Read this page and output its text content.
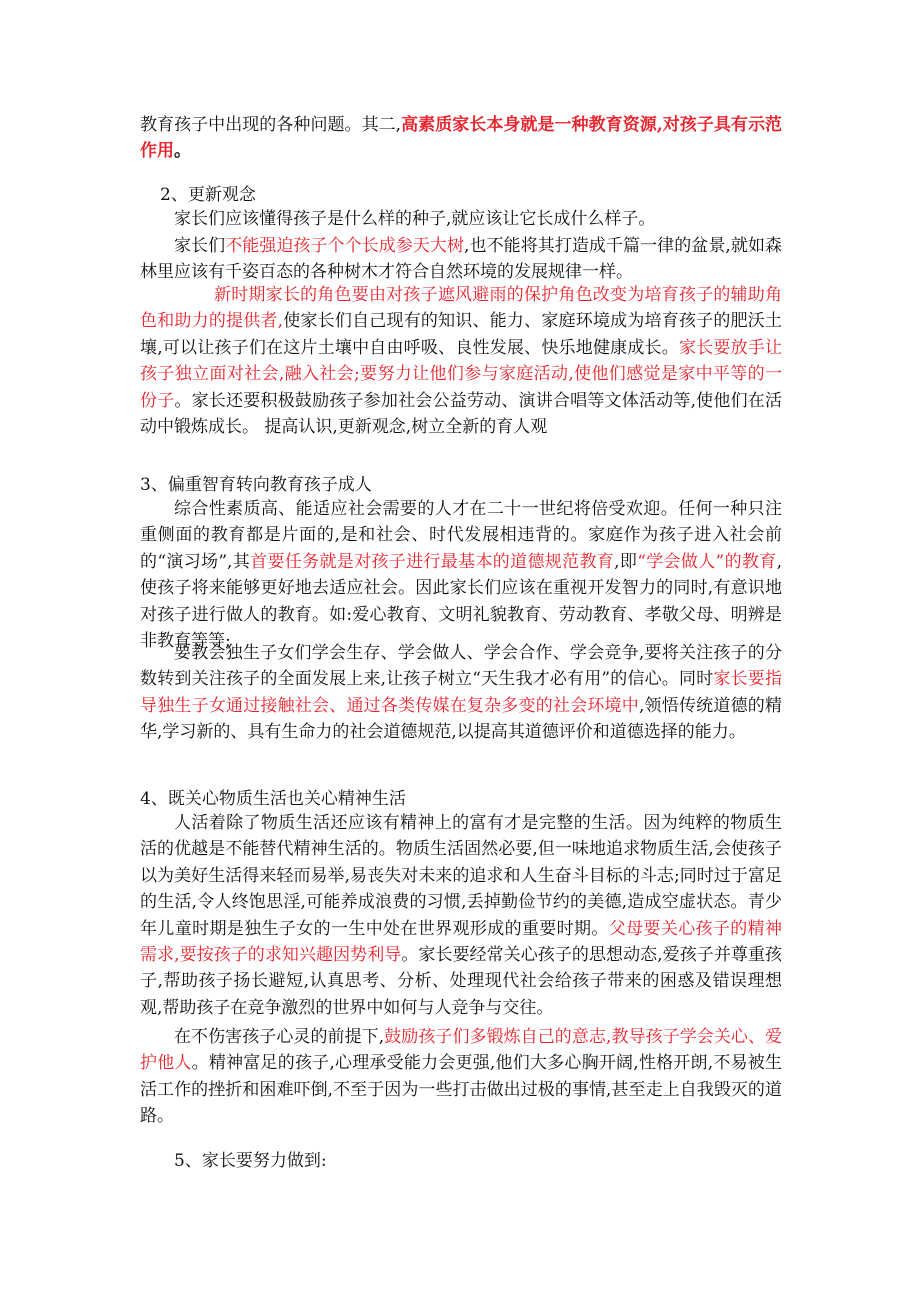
教育孩子中出现的各种问题。其二,高素质家长本身就是一种教育资源,对孩子具有示范作用。

2、更新观念

家长们应该懂得孩子是什么样的种子,就应该让它长成什么样子。

家长们不能强迫孩子个个长成参天大树,也不能将其打造成千篇一律的盆景,就如森林里应该有千姿百态的各种树木才符合自然环境的发展规律一样。

新时期家长的角色要由对孩子遮风避雨的保护角色改变为培育孩子的辅助角色和助力的提供者,使家长们自己现有的知识、能力、家庭环境成为培育孩子的肥沃土壤,可以让孩子们在这片土壤中自由呼吸、良性发展、快乐地健康成长。家长要放手让孩子独立面对社会,融入社会;要努力让他们参与家庭活动,使他们感觉是家中平等的一份子。家长还要积极鼓励孩子参加社会公益劳动、演讲合唱等文体活动等,使他们在活动中锻炼成长。 提高认识,更新观念,树立全新的育人观

3、偏重智育转向教育孩子成人

综合性素质高、能适应社会需要的人才在二十一世纪将倍受欢迎。任何一种只注重侧面的教育都是片面的,是和社会、时代发展相违背的。家庭作为孩子进入社会前的“演习场”,其首要任务就是对孩子进行最基本的道德规范教育,即“学会做人”的教育,使孩子将来能够更好地去适应社会。因此家长们应该在重视开发智力的同时,有意识地对孩子进行做人的教育。如:爱心教育、文明礼貌教育、劳动教育、孝敬父母、明辨是非教育等等;

要教会独生子女们学会生存、学会做人、学会合作、学会竞争,要将关注孩子的分数转到关注孩子的全面发展上来,让孩子树立“天生我才必有用”的信心。同时家长要指导独生子女通过接触社会、通过各类传媒在复杂多变的社会环境中,领悟传统道德的精华,学习新的、具有生命力的社会道德规范,以提高其道德评价和道德选择的能力。

4、既关心物质生活也关心精神生活

人活着除了物质生活还应该有精神上的富有才是完整的生活。因为纯粹的物质生活的优越是不能替代精神生活的。物质生活固然必要,但一味地追求物质生活,会使孩子以为美好生活得来轻而易举,易丧失对未来的追求和人生奋斗目标的斗志;同时过于富足的生活,令人终饱思淫,可能养成浪费的习惯,丢掉勤俭节约的美德,造成空虚状态。青少年儿童时期是独生子女的一生中处在世界观形成的重要时期。父母要关心孩子的精神需求,要按孩子的求知兴趣因势利导。家长要经常关心孩子的思想动态,爱孩子并尊重孩子,帮助孩子扬长避短,认真思考、分析、处理现代社会给孩子带来的困惑及错误理想观,帮助孩子在竞争激烈的世界中如何与人竞争与交往。

在不伤害孩子心灵的前提下,鼓励孩子们多锻炼自己的意志,教导孩子学会关心、爱护他人。精神富足的孩子,心理承受能力会更强,他们大多心胸开阔,性格开朗,不易被生活工作的挫折和困难吓倒,不至于因为一些打击做出过极的事情,甚至走上自我毁灭的道路。

5、家长要努力做到:
